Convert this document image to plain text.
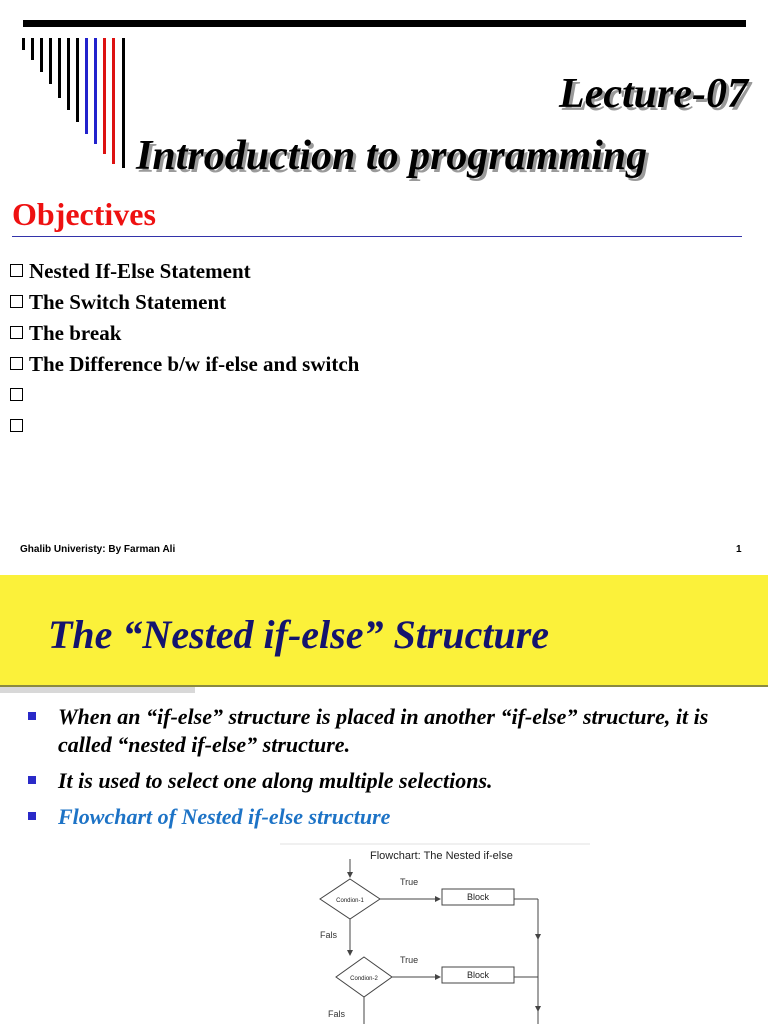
Lecture-07
Introduction to programming
Objectives
Nested If-Else Statement
The Switch Statement
The break
The Difference b/w if-else and switch
Ghalib Univeristy: By Farman Ali	1
The “Nested if-else” Structure
When an “if-else” structure is placed in another “if-else” structure, it is called “nested if-else” structure.
It is used to select one along multiple selections.
Flowchart of Nested if-else structure
Flowchart: The Nested if-else
Condion-1
True
Block
Fals
Condion-2
True
Block
Fals
